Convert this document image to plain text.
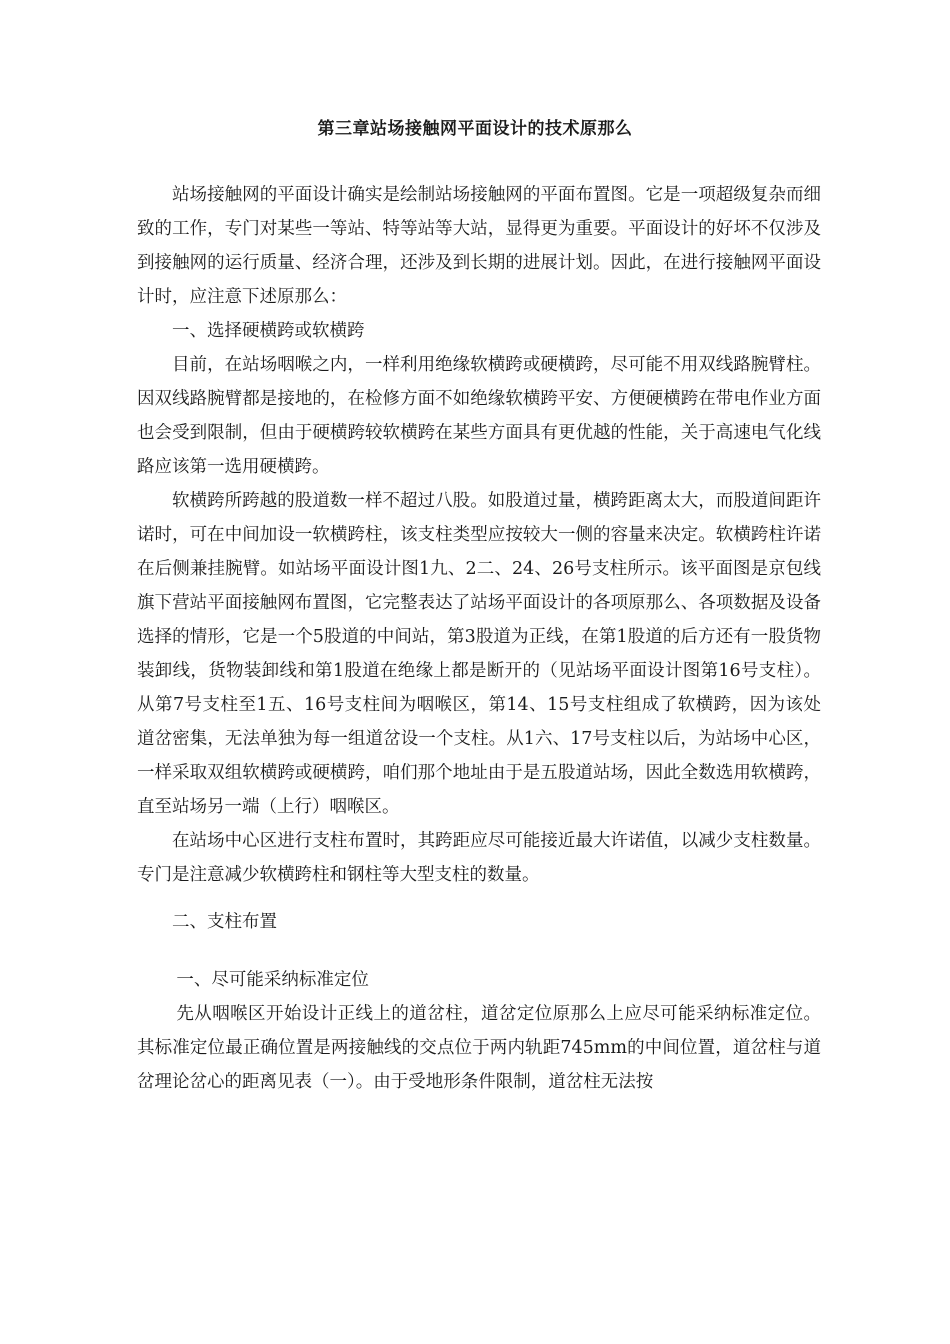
第三章站场接触网平面设计的技术原那么

站场接触网的平面设计确实是绘制站场接触网的平面布置图。它是一项超级复杂而细致的工作，专门对某些一等站、特等站等大站，显得更为重要。平面设计的好坏不仅涉及到接触网的运行质量、经济合理，还涉及到长期的进展计划。因此，在进行接触网平面设计时，应注意下述原那么：

一、选择硬横跨或软横跨

目前，在站场咽喉之内，一样利用绝缘软横跨或硬横跨，尽可能不用双线路腕臂柱。因双线路腕臂都是接地的，在检修方面不如绝缘软横跨平安、方便硬横跨在带电作业方面也会受到限制，但由于硬横跨较软横跨在某些方面具有更优越的性能，关于高速电气化线路应该第一选用硬横跨。

软横跨所跨越的股道数一样不超过八股。如股道过量，横跨距离太大，而股道间距许诺时，可在中间加设一软横跨柱，该支柱类型应按较大一侧的容量来决定。软横跨柱许诺在后侧兼挂腕臂。如站场平面设计图1九、2二、24、26号支柱所示。该平面图是京包线旗下营站平面接触网布置图，它完整表达了站场平面设计的各项原那么、各项数据及设备选择的情形，它是一个5股道的中间站，第3股道为正线，在第1股道的后方还有一股货物装卸线，货物装卸线和第1股道在绝缘上都是断开的（见站场平面设计图第16号支柱）。从第7号支柱至1五、16号支柱间为咽喉区，第14、15号支柱组成了软横跨，因为该处道岔密集，无法单独为每一组道岔设一个支柱。从1六、17号支柱以后，为站场中心区，一样采取双组软横跨或硬横跨，咱们那个地址由于是五股道站场，因此全数选用软横跨，直至站场另一端（上行）咽喉区。

在站场中心区进行支柱布置时，其跨距应尽可能接近最大许诺值，以减少支柱数量。专门是注意减少软横跨柱和钢柱等大型支柱的数量。

二、支柱布置

一、尽可能采纳标准定位

先从咽喉区开始设计正线上的道岔柱，道岔定位原那么上应尽可能采纳标准定位。其标准定位最正确位置是两接触线的交点位于两内轨距745mm的中间位置，道岔柱与道岔理论岔心的距离见表（一）。由于受地形条件限制，道岔柱无法按
